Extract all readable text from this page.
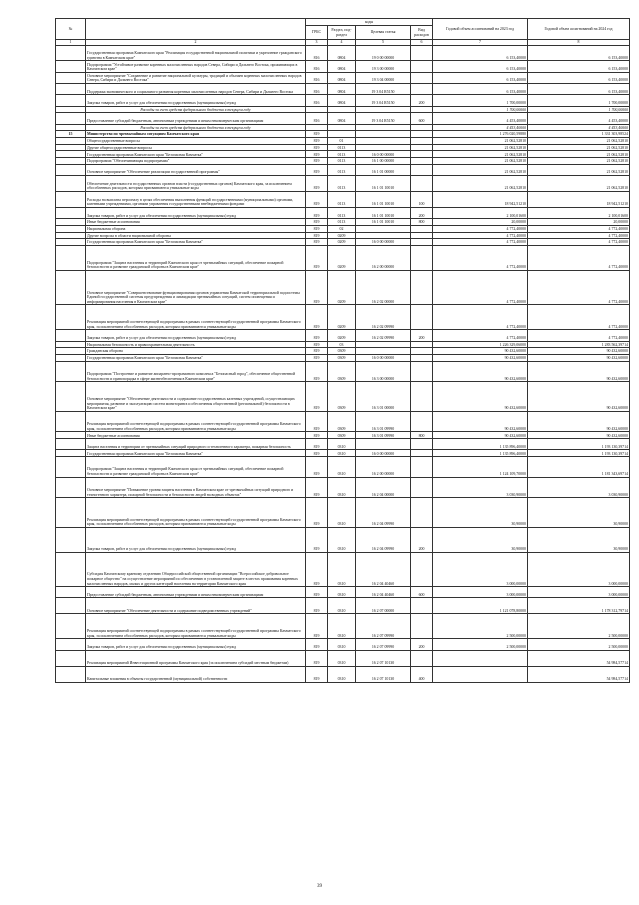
№		коды				Годовой объем ассигнований на 2023 год	Годовой объем ассигнований на 2024 год
		ГРБС	Раздел, под-раздел	Целевая статья	Вид расходов		
1	2	3	4	5	6	7	8
	Государственная программа Камчатского края "Реализация государственной национальной политики и укрепление гражданского единства в Камчатском крае"	816	0804	19 0 00 00000		6 153,40000	6 153,40000
	Подпрограмма "Устойчивое развитие коренных малочисленных народов Севера, Сибири и Дальнего Востока, проживающих в Камчатском крае"	816	0804	19 3 00 00000		6 153,40000	6 153,40000
	Основное мероприятие "Сохранение и развитие национальной культуры, традиций и обычаев коренных малочисленных народов Севера, Сибири и Дальнего Востока"	816	0804	19 3 04 00000		6 153,40000	6 153,40000
	Поддержка экономического и социального развития коренных малочисленных народов Севера, Сибири и Дальнего Востока	816	0804	19 3 04 R5150		6 153,40000	6 153,40000
	Закупка товаров, работ и услуг для обеспечения государственных (муниципальных) нужд	816	0804	19 3 04 R5150	200	1 700,00000	1 700,00000
	Расходы за счет средств федерального бюджета в текущем году					1 700,00000	1 700,00000
	Предоставление субсидий бюджетным, автономным учреждениям и иным некоммерческим организациям	816	0804	19 3 04 R5150	600	4 453,40000	4 453,40000
	Расходы за счет средств федерального бюджета в текущем году					4 453,40000	4 453,40000
15	Министерство по чрезвычайным ситуациям Камчатского края	819				1 276 020,59880	1 331 303,98524
	Общегосударственные вопросы	819	01			21 062,52810	21 062,52810
	Другие общегосударственные вопросы	819	0113			21 062,52810	21 062,52810
	Государственная программа Камчатского края "Безопасная Камчатка"	819	0113	16 0 00 00000		21 062,52810	21 062,52810
	Подпрограмма "Обеспечивающая подпрограмма"	819	0113	16 1 00 00000		21 062,52810	21 062,52810
	Основное мероприятие "Обеспечение реализации государственной программы"	819	0113	16 1 01 00000		21 062,52810	21 062,52810
	Обеспечение деятельности государственных органов власти (государственных органов) Камчатского края, за исключением обособленных расходов, которым присваиваются уникальные коды	819	0113	16 1 01 10010		21 062,52810	21 062,52810
	Расходы на выплаты персоналу в целях обеспечения выполнения функций государственными (муниципальными) органами, казенными учреждениями, органами управления государственными внебюджетными фондами	819	0113	16 1 01 10010	100	18 942,51210	18 942,51210
	Закупка товаров, работ и услуг для обеспечения государственных (муниципальных) нужд	819	0113	16 1 01 10010	200	2 100,01600	2 100,01600
	Иные бюджетные ассигнования	819	0113	16 1 01 10010	800	20,00000	20,00000
	Национальная оборона	819	02			4 772,40000	4 772,40000
	Другие вопросы в области национальной обороны	819	0209			4 772,40000	4 772,40000
	Государственная программа Камчатского края "Безопасная Камчатка"	819	0209	16 0 00 00000		4 772,40000	4 772,40000
	Подпрограмма "Защита населения и территорий Камчатского края от чрезвычайных ситуаций, обеспечение пожарной безопасности и развитие гражданской обороны в Камчатском крае"	819	0209	16 2 00 00000		4 772,40000	4 772,40000
	Основное мероприятие "Совершенствование функционирования органов управления Камчатской территориальной подсистемы Единой государственной системы предупреждения и ликвидации чрезвычайных ситуаций, систем оповещения и информирования населения в Камчатском крае"	819	0209	16 2 02 00000		4 772,40000	4 772,40000
	Реализация мероприятий соответствующей подпрограммы в рамках соответствующей государственной программы Камчатского края, за исключением обособленных расходов, которым присваиваются уникальные коды	819	0209	16 2 02 09990		4 772,40000	4 772,40000
	Закупка товаров, работ и услуг для обеспечения государственных (муниципальных) нужд	819	0209	16 2 02 09990	200	4 772,40000	4 772,40000
	Национальная безопасность и правоохранительная деятельность	819	03			1 226 329,06000	1 283 562,39714
	Гражданская оборона	819	0309			90 432,60000	90 432,60000
	Государственная программа Камчатского края "Безопасная Камчатка"	819	0309	16 0 00 00000		90 432,60000	90 432,60000
	Подпрограмма "Построение и развитие аппаратно-программного комплекса "Безопасный город", обеспечение общественной безопасности и правопорядка в сфере жизнеобеспечения в Камчатском крае"	819	0309	16 3 00 00000		90 432,60000	90 432,60000
	Основное мероприятие "Обеспечение деятельности и содержание государственных казенных учреждений, осуществляющих мероприятия, развитие и эксплуатацию систем мониторинга и обеспечения общественной (региональной) безопасности в Камчатском крае"	819	0309	16 3 01 00000		90 432,60000	90 432,60000
	Реализация мероприятий соответствующей подпрограммы в рамках соответствующей государственной программы Камчатского края, за исключением обособленных расходов, которым присваиваются уникальные коды	819	0309	16 3 01 09990		90 432,60000	90 432,60000
	Иные бюджетные ассигнования	819	0309	16 3 01 09990	800	90 432,60000	90 432,60000
	Защита населения и территории от чрезвычайных ситуаций природного и техногенного характера, пожарная безопасность	819	0310			1 135 896,40000	1 193 130,39714
	Государственная программа Камчатского края "Безопасная Камчатка"	819	0310	16 0 00 00000		1 135 896,40000	1 193 130,39714
	Подпрограмма "Защита населения и территорий Камчатского края от чрезвычайных ситуаций, обеспечение пожарной безопасности и развитие гражданской обороны в Камчатском крае"	819	0310	16 2 00 00000		1 124 109,70000	1 181 343,69714
	Основное мероприятие "Повышение уровня защиты населения в Камчатском крае от чрезвычайных ситуаций природного и техногенного характера, пожарной безопасности и безопасности людей на водных объектах"	819	0310	16 2 04 00000		3 030,90000	3 030,90000
	Реализация мероприятий соответствующей подпрограммы в рамках соответствующей государственной программы Камчатского края, за исключением обособленных расходов, которым присваиваются уникальные коды	819	0310	16 2 04 09990		30,90000	30,90000
	Закупка товаров, работ и услуг для обеспечения государственных (муниципальных) нужд	819	0310	16 2 04 09990	200	30,90000	30,90000
	Субсидия Камчатскому краевому отделению Общероссийской общественной организации "Всероссийское добровольное пожарное общество" на осуществление мероприятий по обеспечению в установленной защите в местах проживания коренных малочисленных народов, малых и других категорий населения на территории Камчатского края	819	0310	16 2 04 40460		3 000,00000	3 000,00000
	Предоставление субсидий бюджетным, автономным учреждениям и иным некоммерческим организациям	819	0310	16 2 04 40460	600	3 000,00000	3 000,00000
	Основное мероприятие "Обеспечение деятельности и содержание подведомственных учреждений"	819	0310	16 2 07 00000		1 121 078,80000	1 178 312,79714
	Реализация мероприятий соответствующей подпрограммы в рамках соответствующей государственной программы Камчатского края, за исключением обособленных расходов, которым присваиваются уникальные коды	819	0310	16 2 07 09990		2 500,00000	2 500,00000
	Закупка товаров, работ и услуг для обеспечения государственных (муниципальных) нужд	819	0310	16 2 07 09990	200	2 500,00000	2 500,00000
	Реализация мероприятий Инвестиционной программы Камчатского края (за исключением субсидий местным бюджетам)	819	0310	16 2 07 10130			54 984,57714
	Капитальные вложения в объекты государственной (муниципальной) собственности	819	0310	16 2 07 10130	400		54 984,57714
39
